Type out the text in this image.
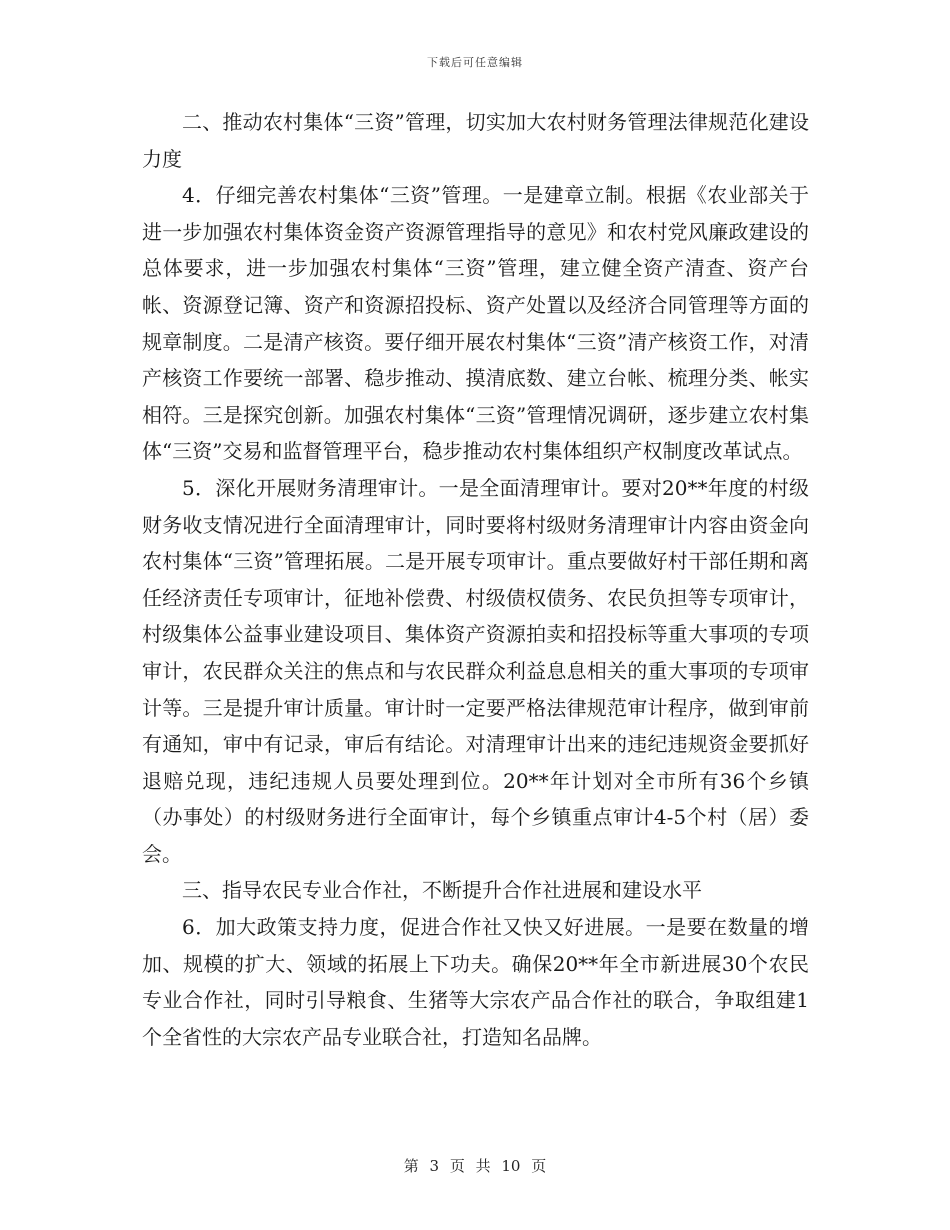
下载后可任意编辑

二、推动农村集体“三资”管理，切实加大农村财务管理法律规范化建设力度

4．仔细完善农村集体“三资”管理。一是建章立制。根据《农业部关于进一步加强农村集体资金资产资源管理指导的意见》和农村党风廉政建设的总体要求，进一步加强农村集体“三资”管理，建立健全资产清查、资产台帐、资源登记簿、资产和资源招投标、资产处置以及经济合同管理等方面的规章制度。二是清产核资。要仔细开展农村集体“三资”清产核资工作，对清产核资工作要统一部署、稳步推动、摸清底数、建立台帐、梳理分类、帐实相符。三是探究创新。加强农村集体“三资”管理情况调研，逐步建立农村集体“三资”交易和监督管理平台，稳步推动农村集体组织产权制度改革试点。

5．深化开展财务清理审计。一是全面清理审计。要对20**年度的村级财务收支情况进行全面清理审计，同时要将村级财务清理审计内容由资金向农村集体“三资”管理拓展。二是开展专项审计。重点要做好村干部任期和离任经济责任专项审计，征地补偿费、村级债权债务、农民负担等专项审计，村级集体公益事业建设项目、集体资产资源拍卖和招投标等重大事项的专项审计，农民群众关注的焦点和与农民群众利益息息相关的重大事项的专项审计等。三是提升审计质量。审计时一定要严格法律规范审计程序，做到审前有通知，审中有记录，审后有结论。对清理审计出来的违纪违规资金要抓好退赔兑现，违纪违规人员要处理到位。20**年计划对全市所有36个乡镇（办事处）的村级财务进行全面审计，每个乡镇重点审计4-5个村（居）委会。

三、指导农民专业合作社，不断提升合作社进展和建设水平

6．加大政策支持力度，促进合作社又快又好进展。一是要在数量的增加、规模的扩大、领域的拓展上下功夫。确保20**年全市新进展30个农民专业合作社，同时引导粮食、生猪等大宗农产品合作社的联合，争取组建1个全省性的大宗农产品专业联合社，打造知名品牌。

第 3 页 共 10 页
